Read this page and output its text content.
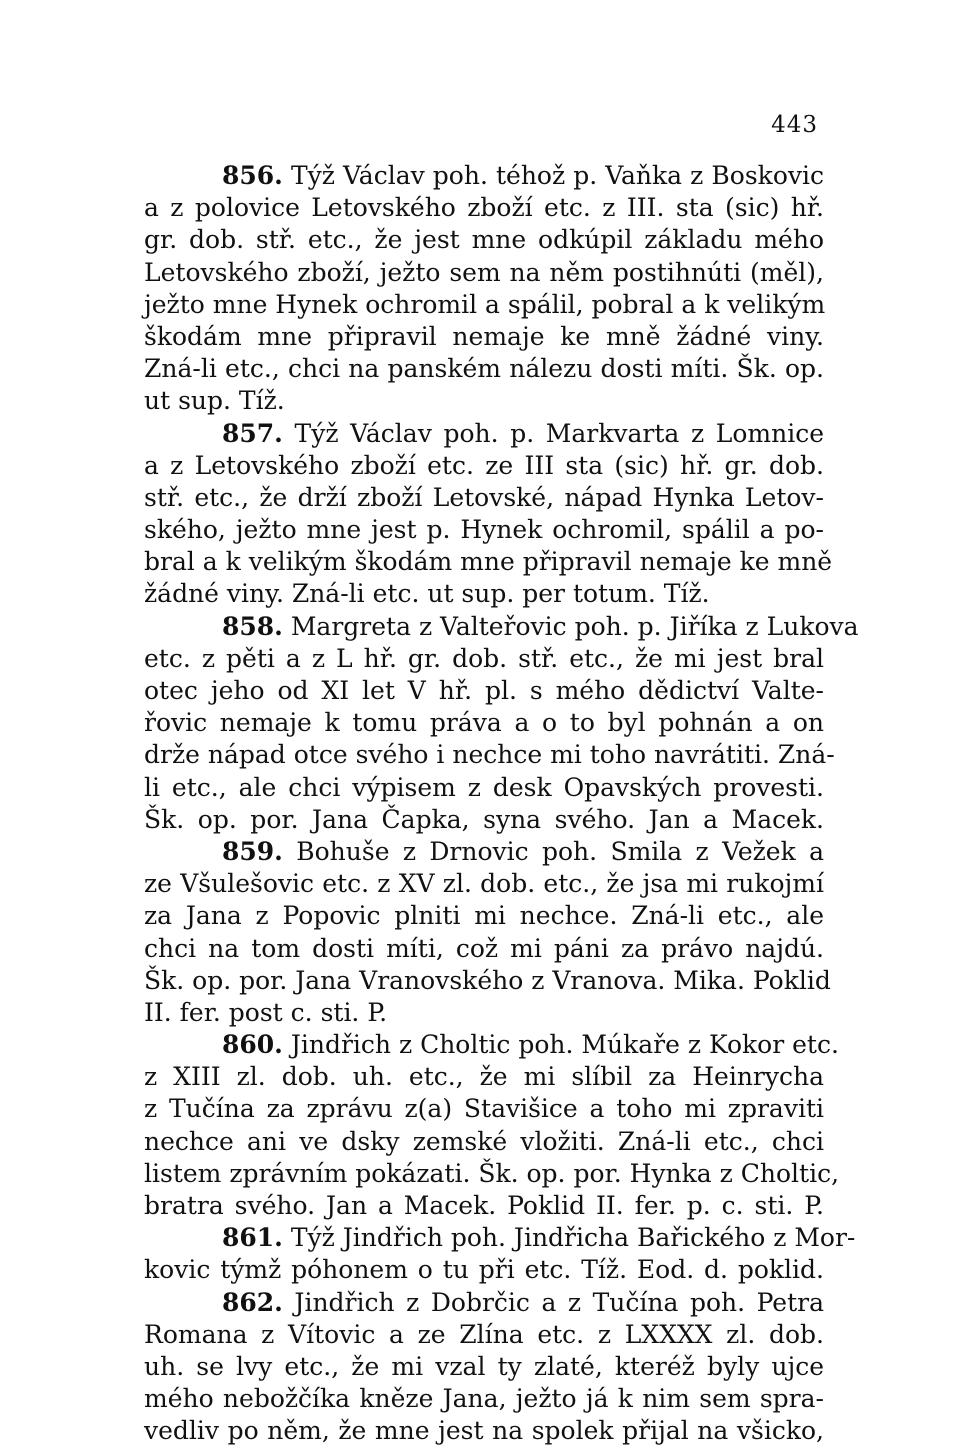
443
856. Týž Václav poh. téhož p. Vaňka z Boskovic
a z polovice Letovského zboží etc. z III. sta (sic) hř.
gr. dob. stř. etc., že jest mne odkúpil základu mého
Letovského zboží, ježto sem na něm postihnúti (měl),
ježto mne Hynek ochromil a spálil, pobral a k velikým
škodám mne připravil nemaje ke mně žádné viny.
Zná-li etc., chci na panském nálezu dosti míti. Šk. op.
ut sup. Tíž.
857. Týž Václav poh. p. Markvarta z Lomnice
a z Letovského zboží etc. ze III sta (sic) hř. gr. dob.
stř. etc., že drží zboží Letovské, nápad Hynka Letov-
ského, ježto mne jest p. Hynek ochromil, spálil a po-
bral a k velikým škodám mne připravil nemaje ke mně
žádné viny. Zná-li etc. ut sup. per totum. Tíž.
858. Margreta z Valteřovic poh. p. Jiříka z Lukova
etc. z pěti a z L hř. gr. dob. stř. etc., že mi jest bral
otec jeho od XI let V hř. pl. s mého dědictví Valte-
řovic nemaje k tomu práva a o to byl pohnán a on
drže nápad otce svého i nechce mi toho navrátiti. Zná-
li etc., ale chci výpisem z desk Opavských provesti.
Šk. op. por. Jana Čapka, syna svého. Jan a Macek.
859. Bohuše z Drnovic poh. Smila z Vežek a
ze Všulešovic etc. z XV zl. dob. etc., že jsa mi rukojmí
za Jana z Popovic plniti mi nechce. Zná-li etc., ale
chci na tom dosti míti, což mi páni za právo najdú.
Šk. op. por. Jana Vranovského z Vranova. Mika. Poklid
II. fer. post c. sti. P.
860. Jindřich z Choltic poh. Múkaře z Kokor etc.
z XIII zl. dob. uh. etc., že mi slíbil za Heinrycha
z Tučína za zprávu z(a) Stavišice a toho mi zpraviti
nechce ani ve dsky zemské vložiti. Zná-li etc., chci
listem zprávním pokázati. Šk. op. por. Hynka z Choltic,
bratra svého. Jan a Macek. Poklid II. fer. p. c. sti. P.
861. Týž Jindřich poh. Jindřicha Bařického z Mor-
kovic týmž póhonem o tu při etc. Tíž. Eod. d. poklid.
862. Jindřich z Dobrčic a z Tučína poh. Petra
Romana z Vítovic a ze Zlína etc. z LXXXX zl. dob.
uh. se lvy etc., že mi vzal ty zlaté, kteréž byly ujce
mého nebožčíka kněze Jana, ježto já k nim sem spra-
vedliv po něm, že mne jest na spolek přijal na všicko,
